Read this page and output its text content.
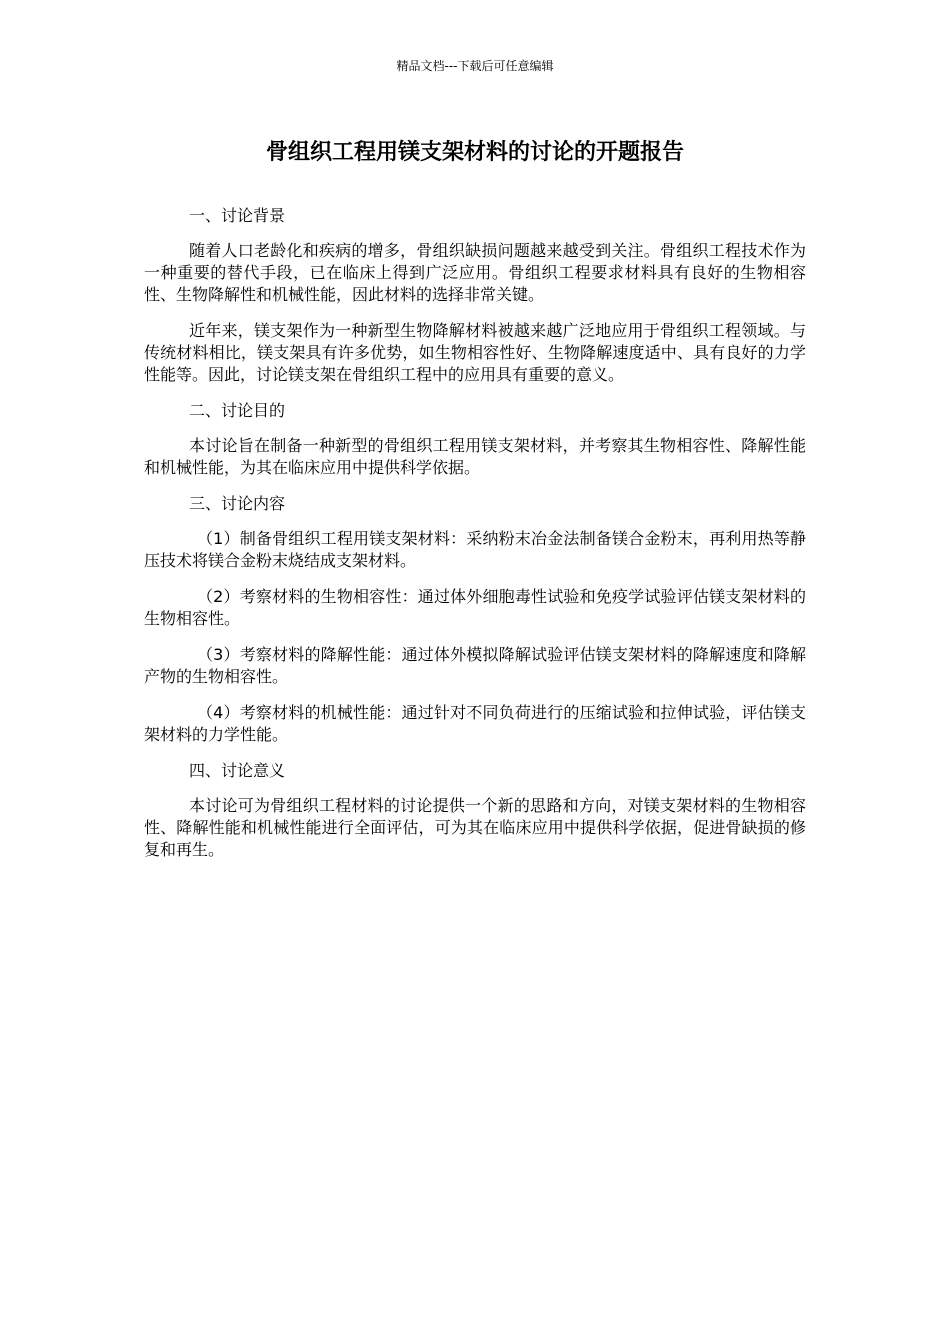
精品文档---下载后可任意编辑
骨组织工程用镁支架材料的讨论的开题报告

一、讨论背景

随着人口老龄化和疾病的增多，骨组织缺损问题越来越受到关注。骨组织工程技术作为一种重要的替代手段，已在临床上得到广泛应用。骨组织工程要求材料具有良好的生物相容性、生物降解性和机械性能，因此材料的选择非常关键。

近年来，镁支架作为一种新型生物降解材料被越来越广泛地应用于骨组织工程领域。与传统材料相比，镁支架具有许多优势，如生物相容性好、生物降解速度适中、具有良好的力学性能等。因此，讨论镁支架在骨组织工程中的应用具有重要的意义。

二、讨论目的

本讨论旨在制备一种新型的骨组织工程用镁支架材料，并考察其生物相容性、降解性能和机械性能，为其在临床应用中提供科学依据。

三、讨论内容

（1）制备骨组织工程用镁支架材料：采纳粉末冶金法制备镁合金粉末，再利用热等静压技术将镁合金粉末烧结成支架材料。

（2）考察材料的生物相容性：通过体外细胞毒性试验和免疫学试验评估镁支架材料的生物相容性。

（3）考察材料的降解性能：通过体外模拟降解试验评估镁支架材料的降解速度和降解产物的生物相容性。

（4）考察材料的机械性能：通过针对不同负荷进行的压缩试验和拉伸试验，评估镁支架材料的力学性能。

四、讨论意义

本讨论可为骨组织工程材料的讨论提供一个新的思路和方向，对镁支架材料的生物相容性、降解性能和机械性能进行全面评估，可为其在临床应用中提供科学依据，促进骨缺损的修复和再生。
